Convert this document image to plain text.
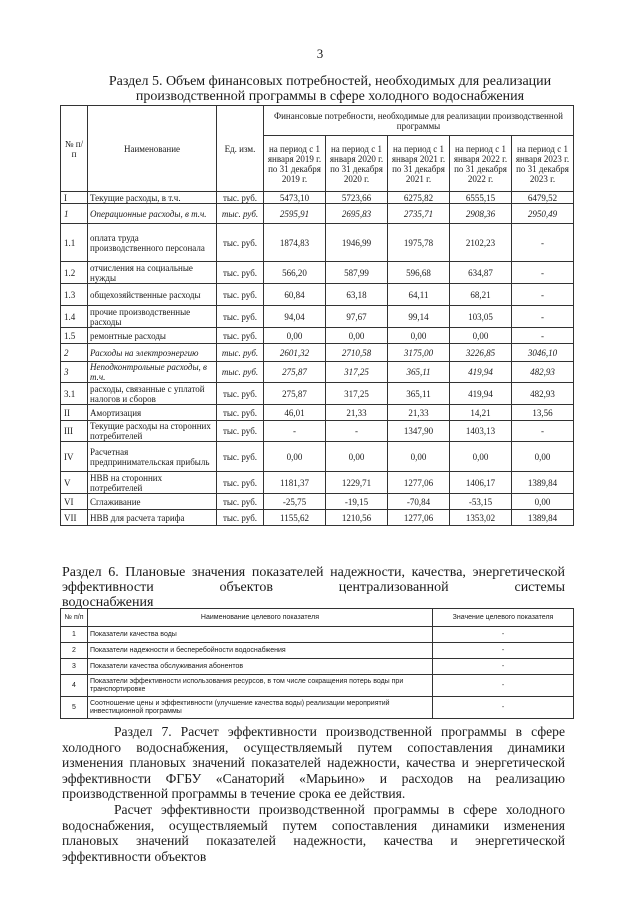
3
Раздел 5. Объем финансовых потребностей, необходимых для реализации производственной программы в сфере холодного водоснабжения
№ п/п	Наименование	Ед. изм.	Финансовые потребности, необходимые для реализации производственной программы				
			на период с 1 января 2019 г. по 31 декабря 2019 г.	на период с 1 января 2020 г. по 31 декабря 2020 г.	на период с 1 января 2021 г. по 31 декабря 2021 г.	на период с 1 января 2022 г. по 31 декабря 2022 г.	на период с 1 января 2023 г. по 31 декабря 2023 г.
I	Текущие расходы, в т.ч.	тыс. руб.	5473,10	5723,66	6275,82	6555,15	6479,52
1	Операционные расходы, в т.ч.	тыс. руб.	2595,91	2695,83	2735,71	2908,36	2950,49
1.1	оплата труда производственного персонала	тыс. руб.	1874,83	1946,99	1975,78	2102,23	-
1.2	отчисления на социальные нужды	тыс. руб.	566,20	587,99	596,68	634,87	-
1.3	общехозяйственные расходы	тыс. руб.	60,84	63,18	64,11	68,21	-
1.4	прочие производственные расходы	тыс. руб.	94,04	97,67	99,14	103,05	-
1.5	ремонтные расходы	тыс. руб.	0,00	0,00	0,00	0,00	-
2	Расходы на электроэнергию	тыс. руб.	2601,32	2710,58	3175,00	3226,85	3046,10
3	Неподконтрольные расходы, в т.ч.	тыс. руб.	275,87	317,25	365,11	419,94	482,93
3.1	расходы, связанные с уплатой налогов и сборов	тыс. руб.	275,87	317,25	365,11	419,94	482,93
II	Амортизация	тыс. руб.	46,01	21,33	21,33	14,21	13,56
III	Текущие расходы на сторонних потребителей	тыс. руб.	-	-	1347,90	1403,13	-
IV	Расчетная предпринимательская прибыль	тыс. руб.	0,00	0,00	0,00	0,00	0,00
V	НВВ на сторонних потребителей	тыс. руб.	1181,37	1229,71	1277,06	1406,17	1389,84
VI	Сглаживание	тыс. руб.	-25,75	-19,15	-70,84	-53,15	0,00
VII	НВВ для расчета тарифа	тыс. руб.	1155,62	1210,56	1277,06	1353,02	1389,84
Раздел 6. Плановые значения показателей надежности, качества, энергетической эффективности объектов централизованной системы
водоснабжения
№ п/п	Наименование целевого показателя	Значение целевого показателя
1	Показатели качества воды	-
2	Показатели надежности и бесперебойности водоснабжения	-
3	Показатели качества обслуживания абонентов	-
4	Показатели эффективности использования ресурсов, в том числе сокращения потерь воды при транспортировке	-
5	Соотношение цены и эффективности (улучшение качества воды) реализации мероприятий инвестиционной программы	-
Раздел 7. Расчет эффективности производственной программы в сфере холодного водоснабжения, осуществляемый путем сопоставления динамики изменения плановых значений показателей надежности, качества и энергетической эффективности ФГБУ «Санаторий «Марьино» и расходов на реализацию производственной программы в течение срока ее действия.
Расчет эффективности производственной программы в сфере холодного водоснабжения, осуществляемый путем сопоставления динамики изменения плановых значений показателей надежности, качества и энергетической эффективности объектов
